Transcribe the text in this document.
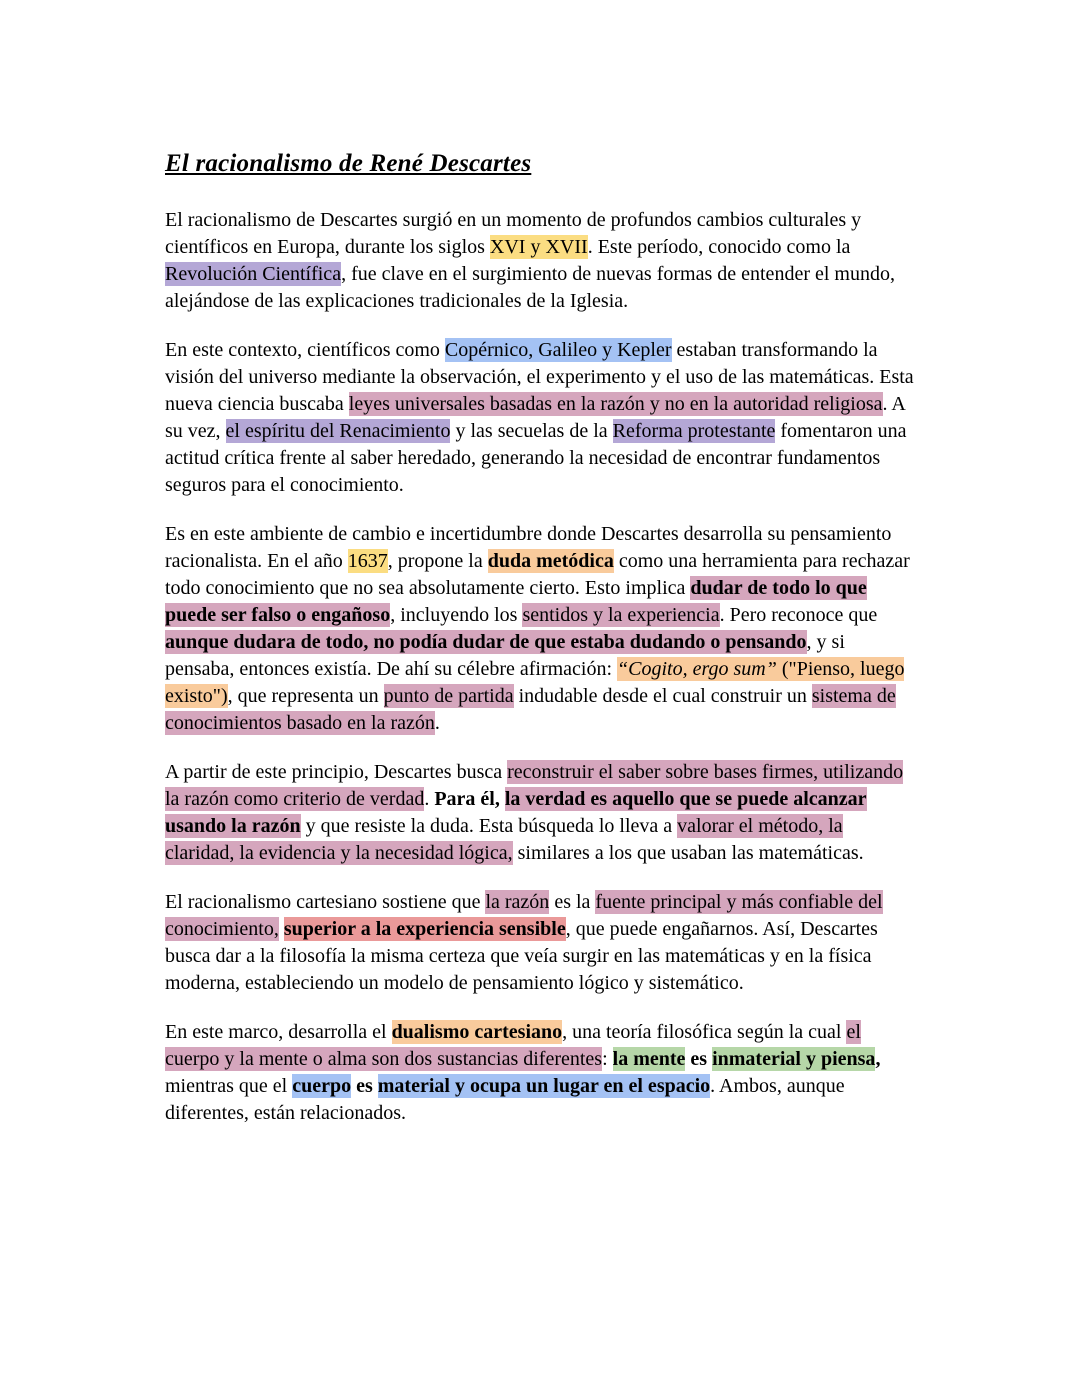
El racionalismo de René Descartes

El racionalismo de Descartes surgió en un momento de profundos cambios culturales y científicos en Europa, durante los siglos XVI y XVII. Este período, conocido como la Revolución Científica, fue clave en el surgimiento de nuevas formas de entender el mundo, alejándose de las explicaciones tradicionales de la Iglesia.

En este contexto, científicos como Copérnico, Galileo y Kepler estaban transformando la visión del universo mediante la observación, el experimento y el uso de las matemáticas. Esta nueva ciencia buscaba leyes universales basadas en la razón y no en la autoridad religiosa. A su vez, el espíritu del Renacimiento y las secuelas de la Reforma protestante fomentaron una actitud crítica frente al saber heredado, generando la necesidad de encontrar fundamentos seguros para el conocimiento.

Es en este ambiente de cambio e incertidumbre donde Descartes desarrolla su pensamiento racionalista. En el año 1637, propone la duda metódica como una herramienta para rechazar todo conocimiento que no sea absolutamente cierto. Esto implica dudar de todo lo que puede ser falso o engañoso, incluyendo los sentidos y la experiencia. Pero reconoce que aunque dudara de todo, no podía dudar de que estaba dudando o pensando, y si pensaba, entonces existía. De ahí su célebre afirmación: “Cogito, ergo sum” ("Pienso, luego existo"), que representa un punto de partida indudable desde el cual construir un sistema de conocimientos basado en la razón.

A partir de este principio, Descartes busca reconstruir el saber sobre bases firmes, utilizando la razón como criterio de verdad. Para él, la verdad es aquello que se puede alcanzar usando la razón y que resiste la duda. Esta búsqueda lo lleva a valorar el método, la claridad, la evidencia y la necesidad lógica, similares a los que usaban las matemáticas.

El racionalismo cartesiano sostiene que la razón es la fuente principal y más confiable del conocimiento, superior a la experiencia sensible, que puede engañarnos. Así, Descartes busca dar a la filosofía la misma certeza que veía surgir en las matemáticas y en la física moderna, estableciendo un modelo de pensamiento lógico y sistemático.

En este marco, desarrolla el dualismo cartesiano, una teoría filosófica según la cual el cuerpo y la mente o alma son dos sustancias diferentes: la mente es inmaterial y piensa, mientras que el cuerpo es material y ocupa un lugar en el espacio. Ambos, aunque diferentes, están relacionados.
